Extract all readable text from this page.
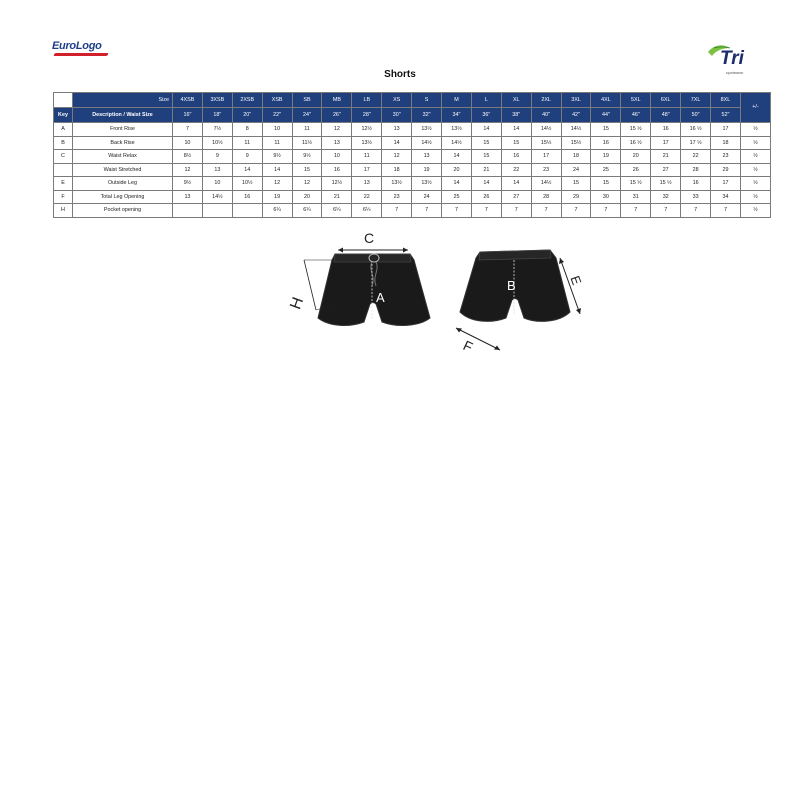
EuroLogo
Tri
sportswear
Shorts
	Size	4XSB	3XSB	2XSB	XSB	SB	MB	LB	XS	S	M	L	XL	2XL	3XL	4XL	5XL	6XL	7XL	8XL	+/-
Key	Description / Waist Size	16"	18"	20"	22"	24"	26"	28"	30"	32"	34"	36"	38"	40"	42"	44"	46"	48"	50"	52"	
A	Front Rise	7	7½	8	10	11	12	12½	13	13½	13½	14	14	14½	14½	15	15 ½	16	16 ½	17	½
B	Back Rise	10	10½	11	11	11½	13	13½	14	14½	14½	15	15	15½	15½	16	16 ½	17	17 ½	18	½
C	Waist Relax	8½	9	9	9½	9½	10	11	12	13	14	15	16	17	18	19	20	21	22	23	½
	Waist Stretched	12	13	14	14	15	16	17	18	19	20	21	22	23	24	25	26	27	28	29	½
E	Outside Leg	9½	10	10½	12	12	12½	13	13½	13½	14	14	14	14½	15	15	15 ½	15 ½	16	17	½
F	Total Leg Opening	13	14½	16	19	20	21	22	23	24	25	26	27	28	29	30	31	32	33	34	½
H	Pocket opening				6¼	6¼	6¼	6¼	7	7	7	7	7	7	7	7	7	7	7	7	½
C
A
H
B	E
F
